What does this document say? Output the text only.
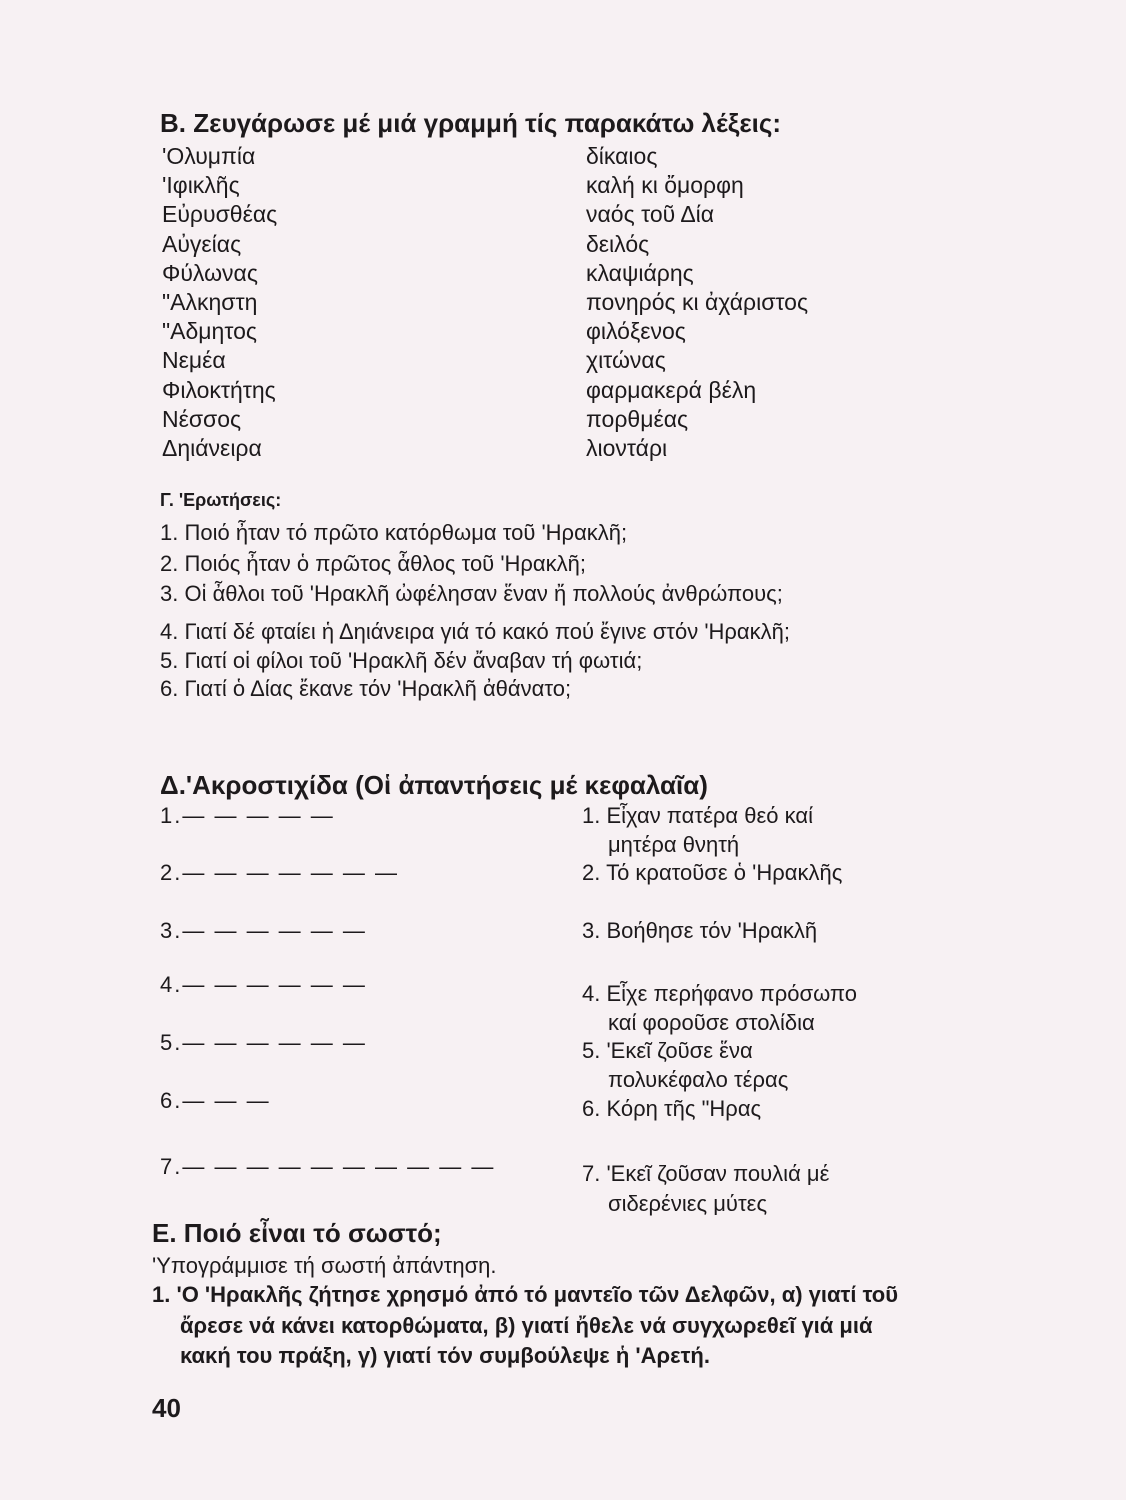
Β. Ζευγάρωσε μέ μιά γραμμή τίς παρακάτω λέξεις:
'Ολυμπία
'Ιφικλῆς
Εὐρυσθέας
Αὐγείας
Φύλωνας
"Αλκηστη
"Αδμητος
Νεμέα
Φιλοκτήτης
Νέσσος
Δηιάνειρα
δίκαιος
καλή κι ὄμορφη
ναός τοῦ Δία
δειλός
κλαψιάρης
πονηρός κι ἀχάριστος
φιλόξενος
χιτώνας
φαρμακερά βέλη
πορθμέας
λιοντάρι
Γ. 'Ερωτήσεις:
1. Ποιό ἦταν τό πρῶτο κατόρθωμα τοῦ 'Ηρακλῆ;
2. Ποιός ἦταν ὁ πρῶτος ἆθλος τοῦ 'Ηρακλῆ;
3. Οἱ ἆθλοι τοῦ 'Ηρακλῆ ὠφέλησαν ἕναν ἤ πολλούς ἀνθρώπους;
4. Γιατί δέ φταίει ἡ Δηιάνειρα γιά τό κακό πού ἔγινε στόν 'Ηρακλῆ;
5. Γιατί οἱ φίλοι τοῦ 'Ηρακλῆ δέν ἄναβαν τή φωτιά;
6. Γιατί ὁ Δίας ἔκανε τόν 'Ηρακλῆ ἀθάνατο;
Δ.'Ακροστιχίδα (Οἱ ἀπαντήσεις μέ κεφαλαῖα)
1.— — — — —
2.— — — — — — —
3.— — — — — —
4.— — — — — —
5.— — — — — —
6.— — —
7.— — — — — — — — — —
1. Εἶχαν πατέρα θεό καί
μητέρα θνητή
2. Τό κρατοῦσε ὁ 'Ηρακλῆς
3. Βοήθησε τόν 'Ηρακλῆ
4. Εἶχε περήφανο πρόσωπο
καί φοροῦσε στολίδια
5. 'Εκεῖ ζοῦσε ἕνα
πολυκέφαλο τέρας
6. Κόρη τῆς "Ηρας
7. 'Εκεῖ ζοῦσαν πουλιά μέ
σιδερένιες μύτες
Ε. Ποιό εἶναι τό σωστό;
'Υπογράμμισε τή σωστή ἀπάντηση.
1. 'Ο 'Ηρακλῆς ζήτησε χρησμό ἀπό τό μαντεῖο τῶν Δελφῶν, α) γιατί τοῦ
ἄρεσε νά κάνει κατορθώματα, β) γιατί ἤθελε νά συγχωρεθεῖ γιά μιά
κακή του πράξη, γ) γιατί τόν συμβούλεψε ἡ 'Αρετή.
40
